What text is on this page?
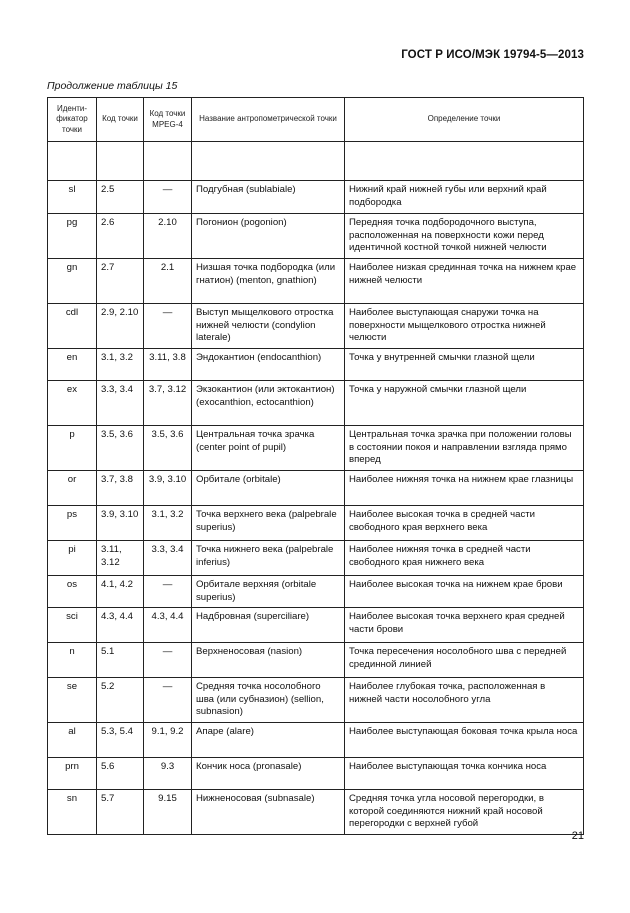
ГОСТ Р ИСО/МЭК 19794-5—2013
Продолжение таблицы 15
Иденти-фикатор точки	Код точки	Код точки MPEG-4	Название антропометрической точки	Определение точки

sl	2.5	—	Подгубная (sublabiale)	Нижний край нижней губы или верхний край подбородка
pg	2.6	2.10	Погонион (pogonion)	Передняя точка подбородочного выступа, расположенная на поверхности кожи перед идентичной костной точкой нижней челюсти
gn	2.7	2.1	Низшая точка подбородка (или гнатион) (menton, gnathion)	Наиболее низкая срединная точка на нижнем крае нижней челюсти
cdl	2.9, 2.10	—	Выступ мыщелкового отростка нижней челюсти (condylion laterale)	Наиболее выступающая снаружи точка на поверхности мыщелкового отростка нижней челюсти
en	3.1, 3.2	3.11, 3.8	Эндокантион (endocanthion)	Точка у внутренней смычки глазной щели
ex	3.3, 3.4	3.7, 3.12	Экзокантион (или эктокантион) (exocanthion, ectocanthion)	Точка у наружной смычки глазной щели
p	3.5, 3.6	3.5, 3.6	Центральная точка зрачка (center point of pupil)	Центральная точка зрачка при положении головы в состоянии покоя и направлении взгляда прямо вперед
or	3.7, 3.8	3.9, 3.10	Орбитале (orbitale)	Наиболее нижняя точка на нижнем крае глазницы
ps	3.9, 3.10	3.1, 3.2	Точка верхнего века (palpebrale superius)	Наиболее высокая точка в средней части свободного края верхнего века
pi	3.11, 3.12	3.3, 3.4	Точка нижнего века (palpebrale inferius)	Наиболее нижняя точка в средней части свободного края нижнего века
os	4.1, 4.2	—	Орбитале верхняя (orbitale superius)	Наиболее высокая точка на нижнем крае брови
sci	4.3, 4.4	4.3, 4.4	Надбровная (superciliare)	Наиболее высокая точка верхнего края средней части брови
n	5.1	—	Верхненосовая (nasion)	Точка пересечения носолобного шва с передней срединной линией
se	5.2	—	Средняя точка носолобного шва (или субназион) (sellion, subnasion)	Наиболее глубокая точка, расположенная в нижней части носолобного угла
al	5.3, 5.4	9.1, 9.2	Апаре (alare)	Наиболее выступающая боковая точка крыла носа
prn	5.6	9.3	Кончик носа (pronasale)	Наиболее выступающая точка кончика носа
sn	5.7	9.15	Нижненосовая (subnasale)	Средняя точка угла носовой перегородки, в которой соединяются нижний край носовой перегородки с верхней губой
21
